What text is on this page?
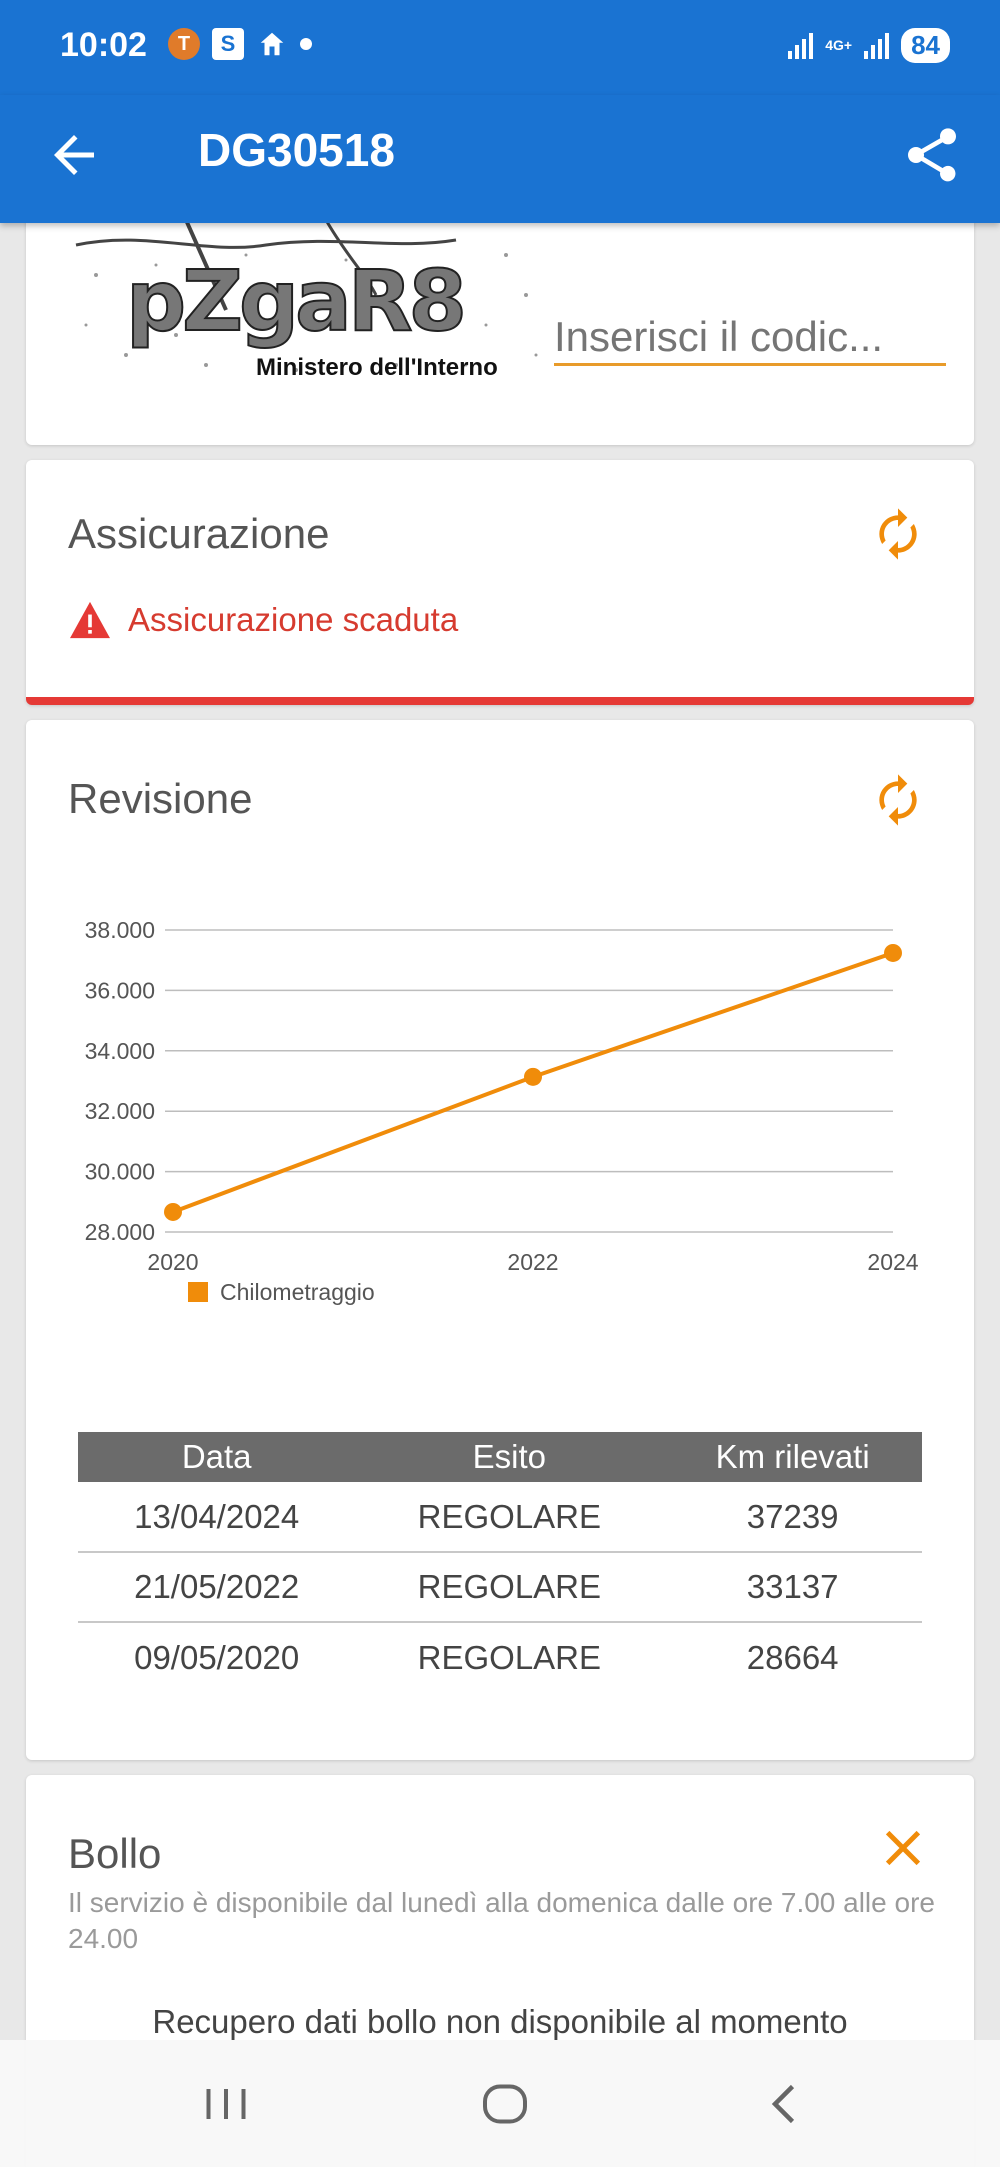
10:02	T	S	4G+	84
DG30518
pZgaR8
Ministero dell'Interno
Inserisci il codic...
Assicurazione
Assicurazione scaduta
Revisione
28.000
30.000
32.000
34.000
36.000
38.000
2020	2022	2024
Chilometraggio
Data	Esito	Km rilevati
13/04/2024	REGOLARE	37239
21/05/2022	REGOLARE	33137
09/05/2020	REGOLARE	28664
Bollo
Il servizio è disponibile dal lunedì alla domenica dalle ore 7.00 alle ore 24.00
Recupero dati bollo non disponibile al momento
